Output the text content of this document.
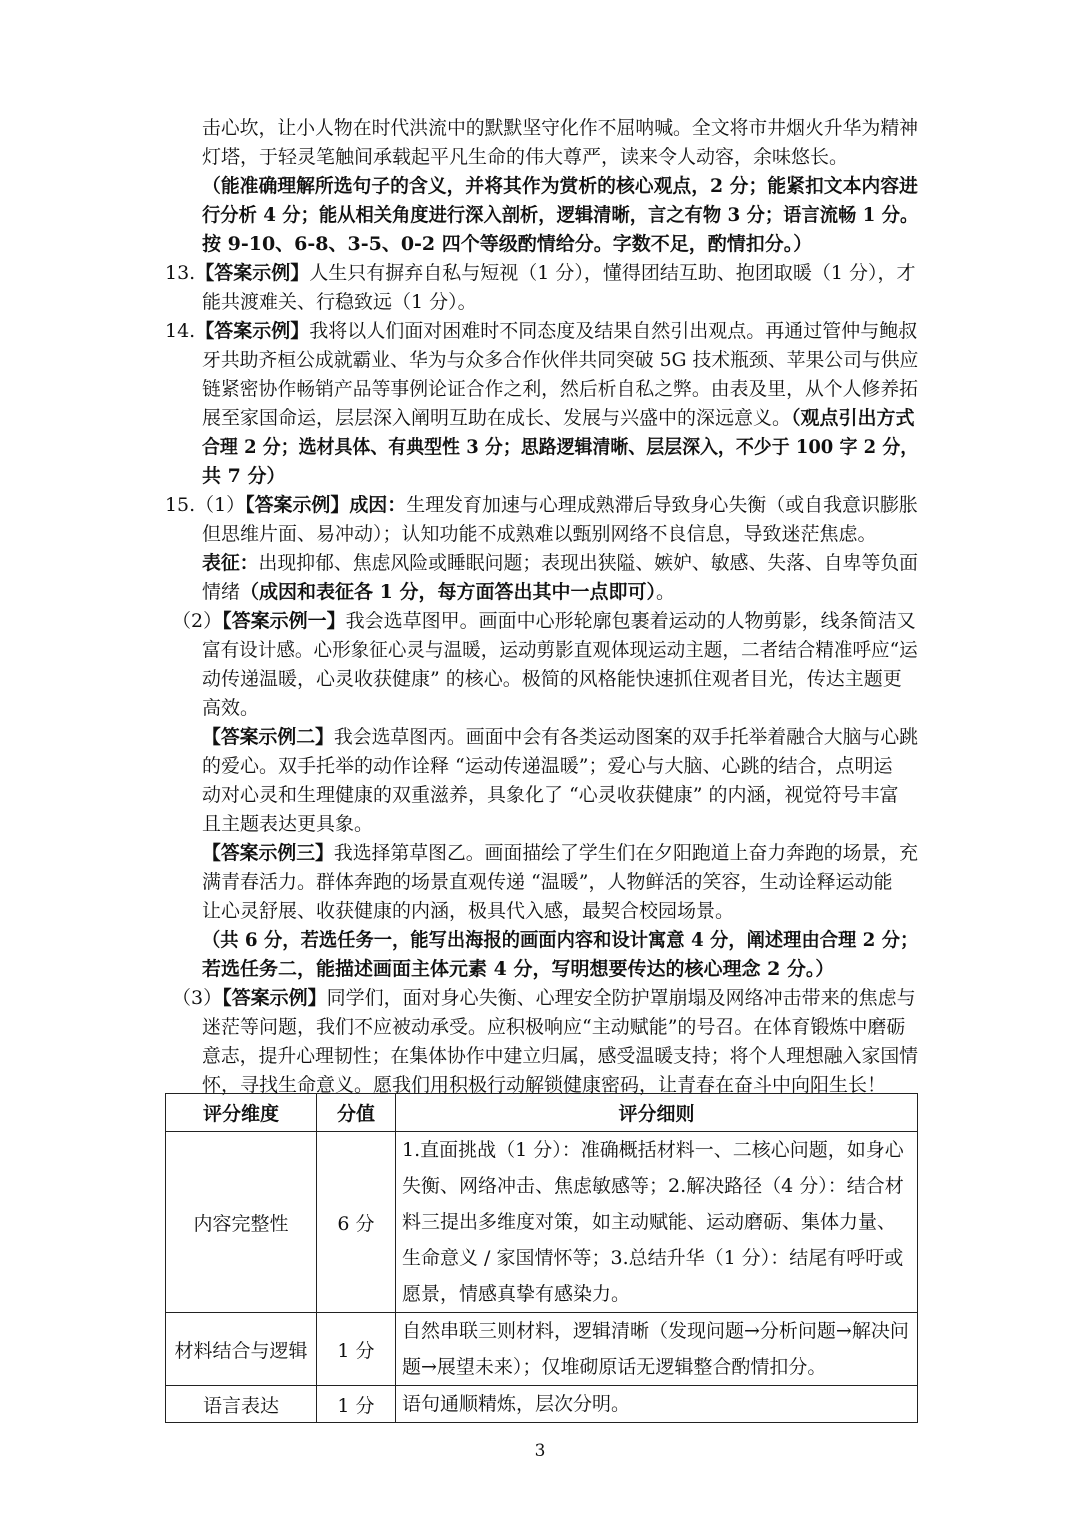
击心坎，让小人物在时代洪流中的默默坚守化作不屈呐喊。全文将市井烟火升华为精神
灯塔，于轻灵笔触间承载起平凡生命的伟大尊严，读来令人动容，余味悠长。
（能准确理解所选句子的含义，并将其作为赏析的核心观点，2 分；能紧扣文本内容进
行分析 4 分；能从相关角度进行深入剖析，逻辑清晰，言之有物 3 分；语言流畅 1 分。
按 9-10、6-8、3-5、0-2 四个等级酌情给分。字数不足，酌情扣分。）
13.【答案示例】人生只有摒弃自私与短视（1 分），懂得团结互助、抱团取暖（1 分），才
能共渡难关、行稳致远（1 分）。
14.【答案示例】我将以人们面对困难时不同态度及结果自然引出观点。再通过管仲与鲍叔
牙共助齐桓公成就霸业、华为与众多合作伙伴共同突破 5G 技术瓶颈、苹果公司与供应
链紧密协作畅销产品等事例论证合作之利，然后析自私之弊。由表及里，从个人修养拓
展至家国命运，层层深入阐明互助在成长、发展与兴盛中的深远意义。（观点引出方式
合理 2 分；选材具体、有典型性 3 分；思路逻辑清晰、层层深入，不少于 100 字 2 分，
共 7 分）
15.（1）【答案示例】成因：生理发育加速与心理成熟滞后导致身心失衡（或自我意识膨胀
但思维片面、易冲动）；认知功能不成熟难以甄别网络不良信息，导致迷茫焦虑。
表征：出现抑郁、焦虑风险或睡眠问题；表现出狭隘、嫉妒、敏感、失落、自卑等负面
情绪（成因和表征各 1 分，每方面答出其中一点即可）。
（2）【答案示例一】我会选草图甲。画面中心形轮廓包裹着运动的人物剪影，线条简洁又
富有设计感。心形象征心灵与温暖，运动剪影直观体现运动主题，二者结合精准呼应“运
动传递温暖，心灵收获健康” 的核心。极简的风格能快速抓住观者目光，传达主题更
高效。
【答案示例二】我会选草图丙。画面中会有各类运动图案的双手托举着融合大脑与心跳
的爱心。双手托举的动作诠释 “运动传递温暖”；爱心与大脑、心跳的结合，点明运
动对心灵和生理健康的双重滋养，具象化了 “心灵收获健康” 的内涵，视觉符号丰富
且主题表达更具象。
【答案示例三】我选择第草图乙。画面描绘了学生们在夕阳跑道上奋力奔跑的场景，充
满青春活力。群体奔跑的场景直观传递 “温暖”，人物鲜活的笑容，生动诠释运动能
让心灵舒展、收获健康的内涵，极具代入感，最契合校园场景。
（共 6 分，若选任务一，能写出海报的画面内容和设计寓意 4 分，阐述理由合理 2 分；
若选任务二，能描述画面主体元素 4 分，写明想要传达的核心理念 2 分。）
（3）【答案示例】同学们，面对身心失衡、心理安全防护罩崩塌及网络冲击带来的焦虑与
迷茫等问题，我们不应被动承受。应积极响应“主动赋能”的号召。在体育锻炼中磨砺
意志，提升心理韧性；在集体协作中建立归属，感受温暖支持；将个人理想融入家国情
怀，寻找生命意义。愿我们用积极行动解锁健康密码，让青春在奋斗中向阳生长！
评分维度	分值	评分细则
内容完整性	6 分	1.直面挑战（1 分）：准确概括材料一、二核心问题，如身心失衡、网络冲击、焦虑敏感等；2.解决路径（4 分）：结合材料三提出多维度对策，如主动赋能、运动磨砺、集体力量、生命意义 / 家国情怀等；3.总结升华（1 分）：结尾有呼吁或愿景，情感真挚有感染力。
材料结合与逻辑	1 分	自然串联三则材料，逻辑清晰（发现问题→分析问题→解决问题→展望未来）；仅堆砌原话无逻辑整合酌情扣分。
语言表达	1 分	语句通顺精炼，层次分明。
3
